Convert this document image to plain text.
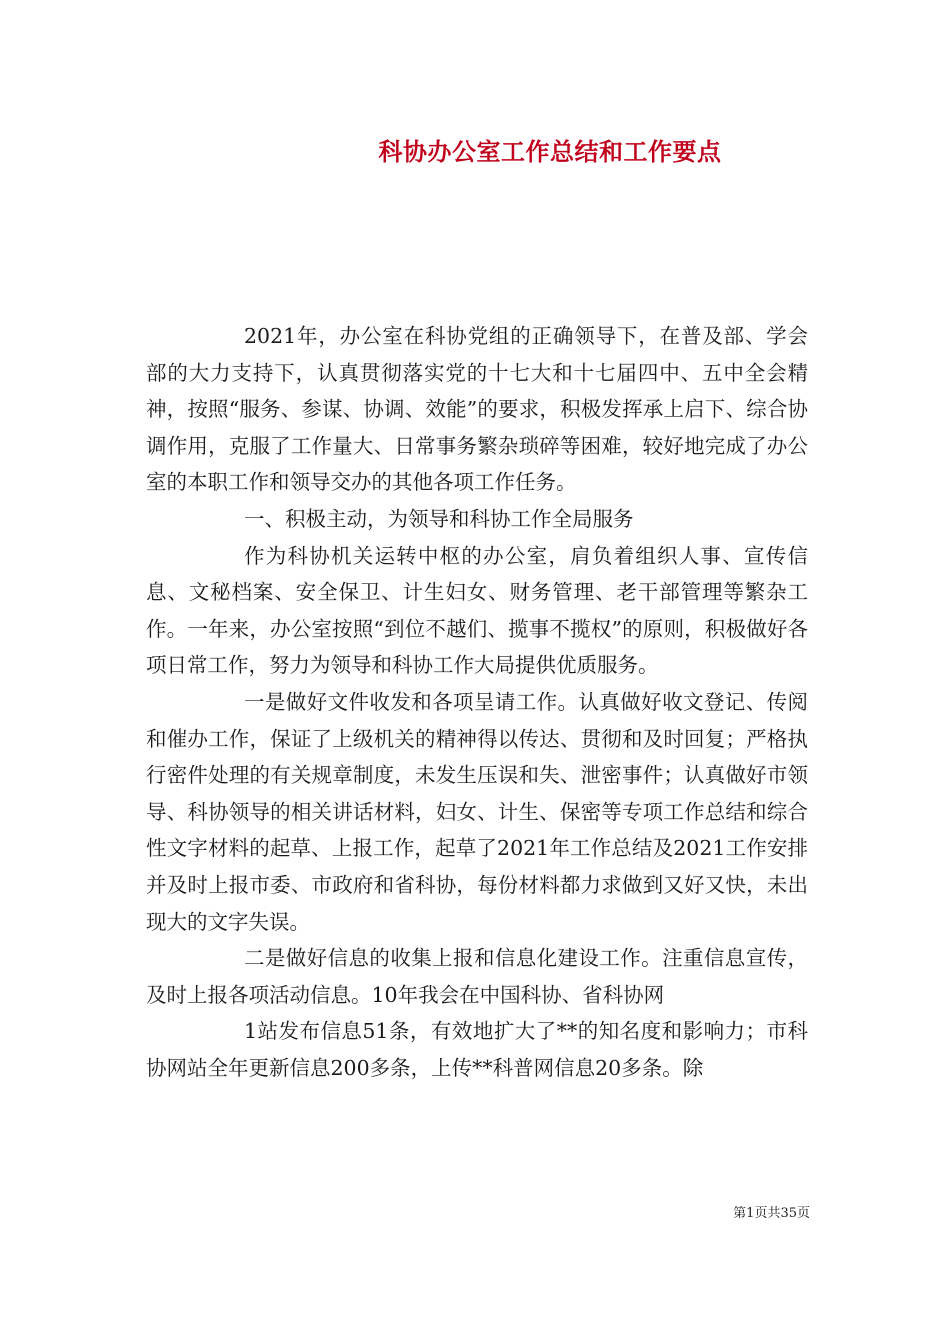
科协办公室工作总结和工作要点

2021年，办公室在科协党组的正确领导下，在普及部、学会部的大力支持下，认真贯彻落实党的十七大和十七届四中、五中全会精神，按照“服务、参谋、协调、效能”的要求，积极发挥承上启下、综合协调作用，克服了工作量大、日常事务繁杂琐碎等困难，较好地完成了办公室的本职工作和领导交办的其他各项工作任务。

一、积极主动，为领导和科协工作全局服务

作为科协机关运转中枢的办公室，肩负着组织人事、宣传信息、文秘档案、安全保卫、计生妇女、财务管理、老干部管理等繁杂工作。一年来，办公室按照“到位不越们、揽事不揽权”的原则，积极做好各项日常工作，努力为领导和科协工作大局提供优质服务。

一是做好文件收发和各项呈请工作。认真做好收文登记、传阅和催办工作，保证了上级机关的精神得以传达、贯彻和及时回复；严格执行密件处理的有关规章制度，未发生压误和失、泄密事件；认真做好市领导、科协领导的相关讲话材料，妇女、计生、保密等专项工作总结和综合性文字材料的起草、上报工作，起草了2021年工作总结及2021工作安排并及时上报市委、市政府和省科协，每份材料都力求做到又好又快，未出现大的文字失误。

二是做好信息的收集上报和信息化建设工作。注重信息宣传，及时上报各项活动信息。10年我会在中国科协、省科协网

1站发布信息51条，有效地扩大了**的知名度和影响力；市科协网站全年更新信息200多条，上传**科普网信息20多条。除

第1页共35页
